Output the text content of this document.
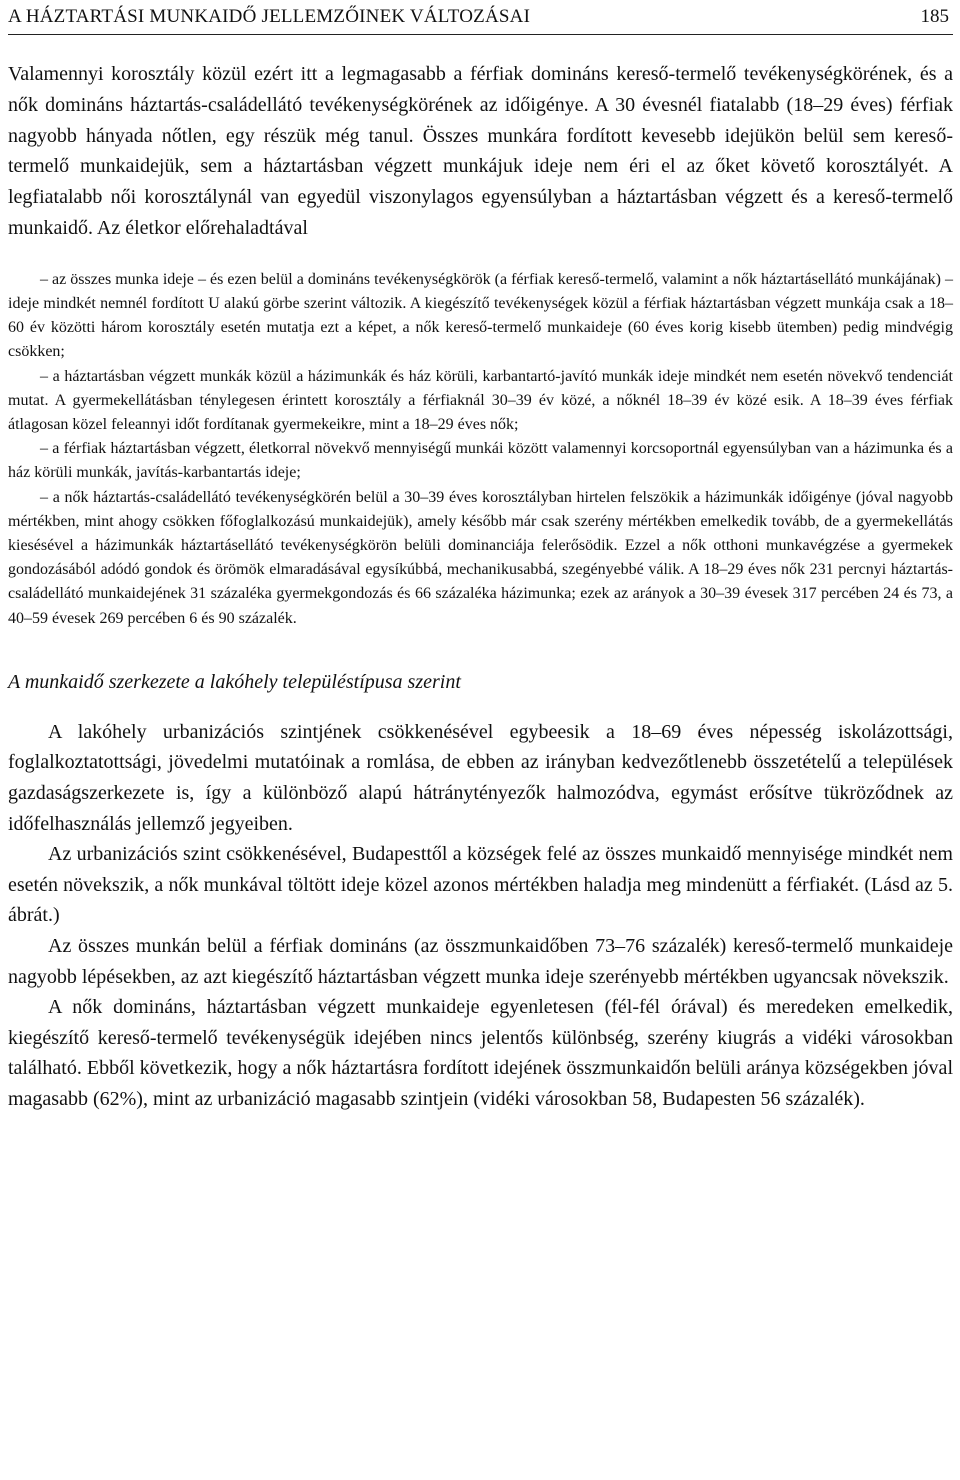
A HÁZTARTÁSI MUNKAIDŐ JELLEMZŐINEK VÁLTOZÁSAI	185

Valamennyi korosztály közül ezért itt a legmagasabb a férfiak domináns kereső-termelő tevékenységkörének, és a nők domináns háztartás-családellátó tevékenységkörének az időigénye. A 30 évesnél fiatalabb (18–29 éves) férfiak nagyobb hányada nőtlen, egy részük még tanul. Összes munkára fordított kevesebb idejükön belül sem kereső-termelő munkaidejük, sem a háztartásban végzett munkájuk ideje nem éri el az őket követő korosztályét. A legfiatalabb női korosztálynál van egyedül viszonylagos egyensúlyban a háztartásban végzett és a kereső-termelő munkaidő. Az életkor előrehaladtával

– az összes munka ideje – és ezen belül a domináns tevékenységkörök (a férfiak kereső-termelő, valamint a nők háztartásellátó munkájának) – ideje mindkét nemnél fordított U alakú görbe szerint változik. A kiegészítő tevékenységek közül a férfiak háztartásban végzett munkája csak a 18–60 év közötti három korosztály esetén mutatja ezt a képet, a nők kereső-termelő munkaideje (60 éves korig kisebb ütemben) pedig mindvégig csökken;

– a háztartásban végzett munkák közül a házimunkák és ház körüli, karbantartó-javító munkák ideje mindkét nem esetén növekvő tendenciát mutat. A gyermekellátásban ténylegesen érintett korosztály a férfiaknál 30–39 év közé, a nőknél 18–39 év közé esik. A 18–39 éves férfiak átlagosan közel feleannyi időt fordítanak gyermekeikre, mint a 18–29 éves nők;

– a férfiak háztartásban végzett, életkorral növekvő mennyiségű munkái között valamennyi korcsoportnál egyensúlyban van a házimunka és a ház körüli munkák, javítás-karbantartás ideje;

– a nők háztartás-családellátó tevékenységkörén belül a 30–39 éves korosztályban hirtelen felszökik a házimunkák időigénye (jóval nagyobb mértékben, mint ahogy csökken főfoglalkozású munkaidejük), amely később már csak szerény mértékben emelkedik tovább, de a gyermekellátás kiesésével a házimunkák háztartásellátó tevékenységkörön belüli dominanciája felerősödik. Ezzel a nők otthoni munkavégzése a gyermekek gondozásából adódó gondok és örömök elmaradásával egysíkúbbá, mechanikusabbá, szegényebbé válik. A 18–29 éves nők 231 percnyi háztartás-családellátó munkaidejének 31 százaléka gyermekgondozás és 66 százaléka házimunka; ezek az arányok a 30–39 évesek 317 percében 24 és 73, a 40–59 évesek 269 percében 6 és 90 százalék.

A munkaidő szerkezete a lakóhely településtípusa szerint

A lakóhely urbanizációs szintjének csökkenésével egybeesik a 18–69 éves népesség iskolázottsági, foglalkoztatottsági, jövedelmi mutatóinak a romlása, de ebben az irányban kedvezőtlenebb összetételű a települések gazdaságszerkezete is, így a különböző alapú hátránytényezők halmozódva, egymást erősítve tükröződnek az időfelhasználás jellemző jegyeiben.

Az urbanizációs szint csökkenésével, Budapesttől a községek felé az összes munkaidő mennyisége mindkét nem esetén növekszik, a nők munkával töltött ideje közel azonos mértékben haladja meg mindenütt a férfiakét. (Lásd az 5. ábrát.)

Az összes munkán belül a férfiak domináns (az összmunkaidőben 73–76 százalék) kereső-termelő munkaideje nagyobb lépésekben, az azt kiegészítő háztartásban végzett munka ideje szerényebb mértékben ugyancsak növekszik.

A nők domináns, háztartásban végzett munkaideje egyenletesen (fél-fél órával) és meredeken emelkedik, kiegészítő kereső-termelő tevékenységük idejében nincs jelentős különbség, szerény kiugrás a vidéki városokban található. Ebből következik, hogy a nők háztartásra fordított idejének összmunkaidőn belüli aránya községekben jóval magasabb (62%), mint az urbanizáció magasabb szintjein (vidéki városokban 58, Budapesten 56 százalék).
